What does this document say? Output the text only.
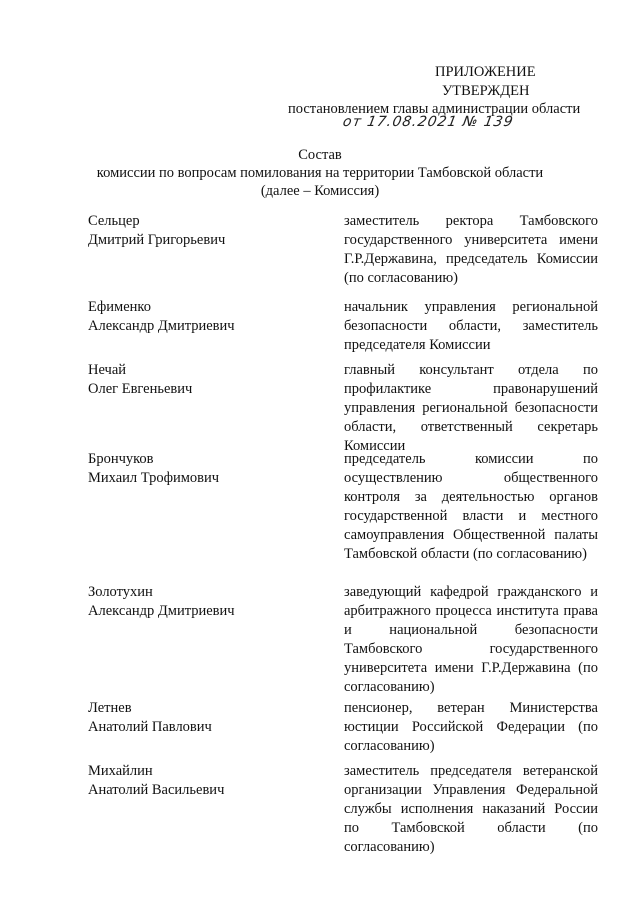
ПРИЛОЖЕНИЕ
УТВЕРЖДЕН
постановлением главы администрации области
от 17.08.2021 № 139
Состав
комиссии по вопросам помилования на территории Тамбовской области
(далее – Комиссия)
Сельцер
Дмитрий Григорьевич
заместитель ректора Тамбовского государственного университета имени Г.Р.Державина, председатель Комиссии (по согласованию)
Ефименко
Александр Дмитриевич
начальник управления региональной безопасности области, заместитель председателя Комиссии
Нечай
Олег Евгеньевич
главный консультант отдела по профилактике правонарушений управления региональной безопасности области, ответственный секретарь Комиссии
Брончуков
Михаил Трофимович
председатель комиссии по осуществлению общественного контроля за деятельностью органов государственной власти и местного самоуправления Общественной палаты Тамбовской области (по согласованию)
Золотухин
Александр Дмитриевич
заведующий кафедрой гражданского и арбитражного процесса института права и национальной безопасности Тамбовского государственного университета имени Г.Р.Державина (по согласованию)
Летнев
Анатолий Павлович
пенсионер, ветеран Министерства юстиции Российской Федерации (по согласованию)
Михайлин
Анатолий Васильевич
заместитель председателя ветеранской организации Управления Федеральной службы исполнения наказаний России по Тамбовской области (по согласованию)
